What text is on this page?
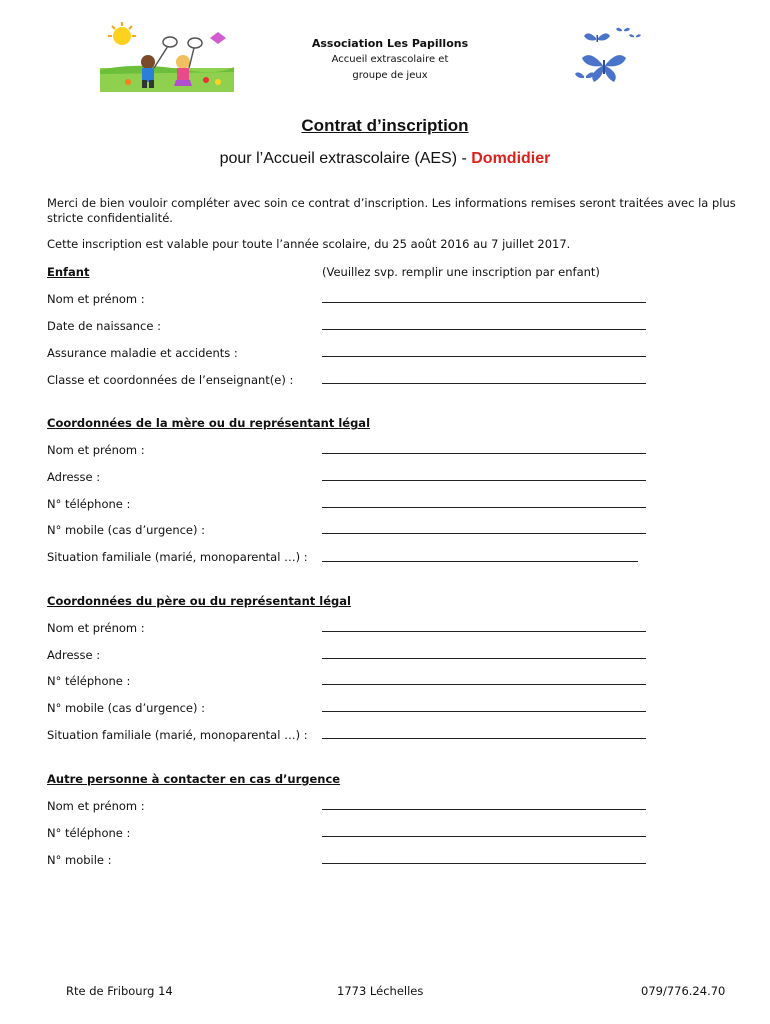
Association Les Papillons
Accueil extrascolaire et
groupe de jeux
Contrat d’inscription
pour l’Accueil extrascolaire (AES) - Domdidier
Merci de bien vouloir compléter avec soin ce contrat d’inscription. Les informations remises seront traitées avec la plus stricte confidentialité.
Cette inscription est valable pour toute l’année scolaire, du 25 août 2016 au 7 juillet 2017.
Enfant	(Veuillez svp. remplir une inscription par enfant)
Nom et prénom :
Date de naissance :
Assurance maladie et accidents :
Classe et coordonnées de l’enseignant(e) :
Coordonnées de la mère ou du représentant légal
Nom et prénom :
Adresse :
N° téléphone :
N° mobile (cas d’urgence) :
Situation familiale (marié, monoparental …) :
Coordonnées du père ou du représentant légal
Nom et prénom :
Adresse :
N° téléphone :
N° mobile (cas d’urgence) :
Situation familiale (marié, monoparental …) :
Autre personne à contacter en cas d’urgence
Nom et prénom :
N° téléphone :
N° mobile :
Rte de Fribourg 14	1773 Léchelles	079/776.24.70
